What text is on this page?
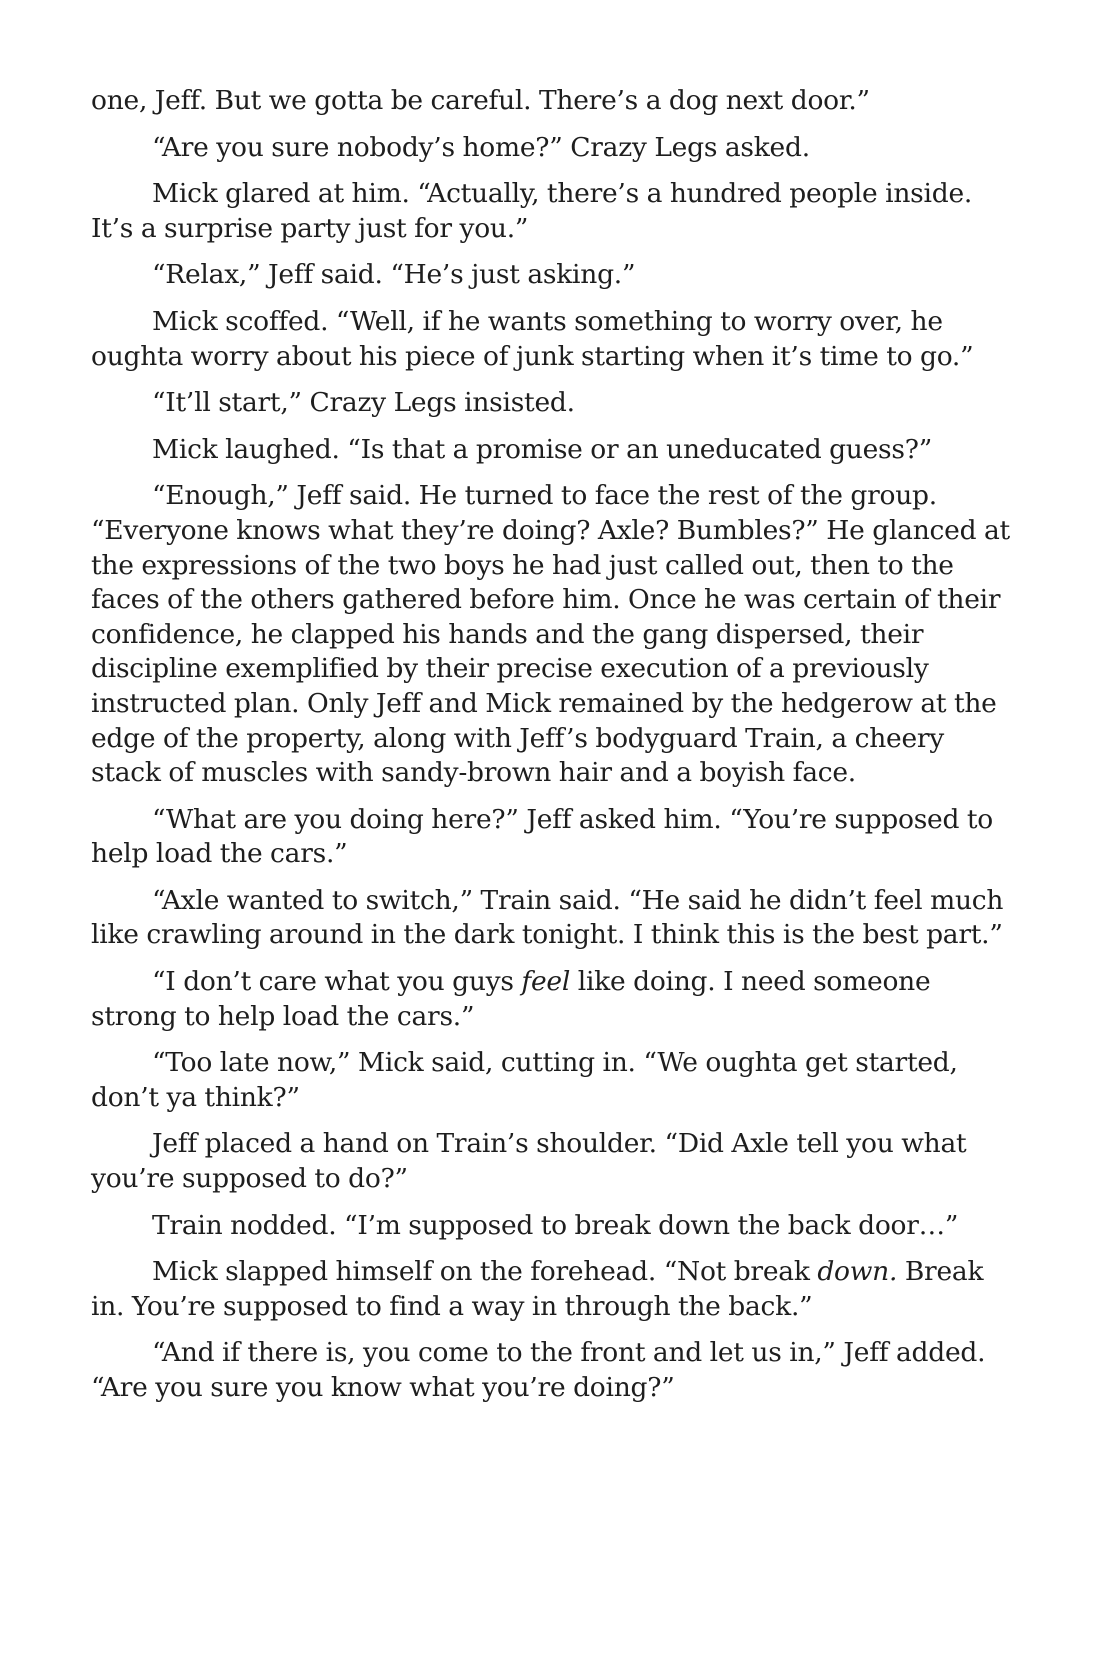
one, Jeff. But we gotta be careful. There’s a dog next door.”

“Are you sure nobody’s home?” Crazy Legs asked.

Mick glared at him. “Actually, there’s a hundred people inside. It’s a surprise party just for you.”

“Relax,” Jeff said. “He’s just asking.”

Mick scoffed. “Well, if he wants something to worry over, he oughta worry about his piece of junk starting when it’s time to go.”

“It’ll start,” Crazy Legs insisted.

Mick laughed. “Is that a promise or an uneducated guess?”

“Enough,” Jeff said. He turned to face the rest of the group. “Everyone knows what they’re doing? Axle? Bumbles?” He glanced at the expressions of the two boys he had just called out, then to the faces of the others gathered before him. Once he was certain of their confidence, he clapped his hands and the gang dispersed, their discipline exemplified by their precise execution of a previously instructed plan. Only Jeff and Mick remained by the hedgerow at the edge of the property, along with Jeff’s bodyguard Train, a cheery stack of muscles with sandy-brown hair and a boyish face.

“What are you doing here?” Jeff asked him. “You’re supposed to help load the cars.”

“Axle wanted to switch,” Train said. “He said he didn’t feel much like crawling around in the dark tonight. I think this is the best part.”

“I don’t care what you guys feel like doing. I need someone strong to help load the cars.”

“Too late now,” Mick said, cutting in. “We oughta get started, don’t ya think?”

Jeff placed a hand on Train’s shoulder. “Did Axle tell you what you’re supposed to do?”

Train nodded. “I’m supposed to break down the back door…”

Mick slapped himself on the forehead. “Not break down. Break in. You’re supposed to find a way in through the back.”

“And if there is, you come to the front and let us in,” Jeff added. “Are you sure you know what you’re doing?”
